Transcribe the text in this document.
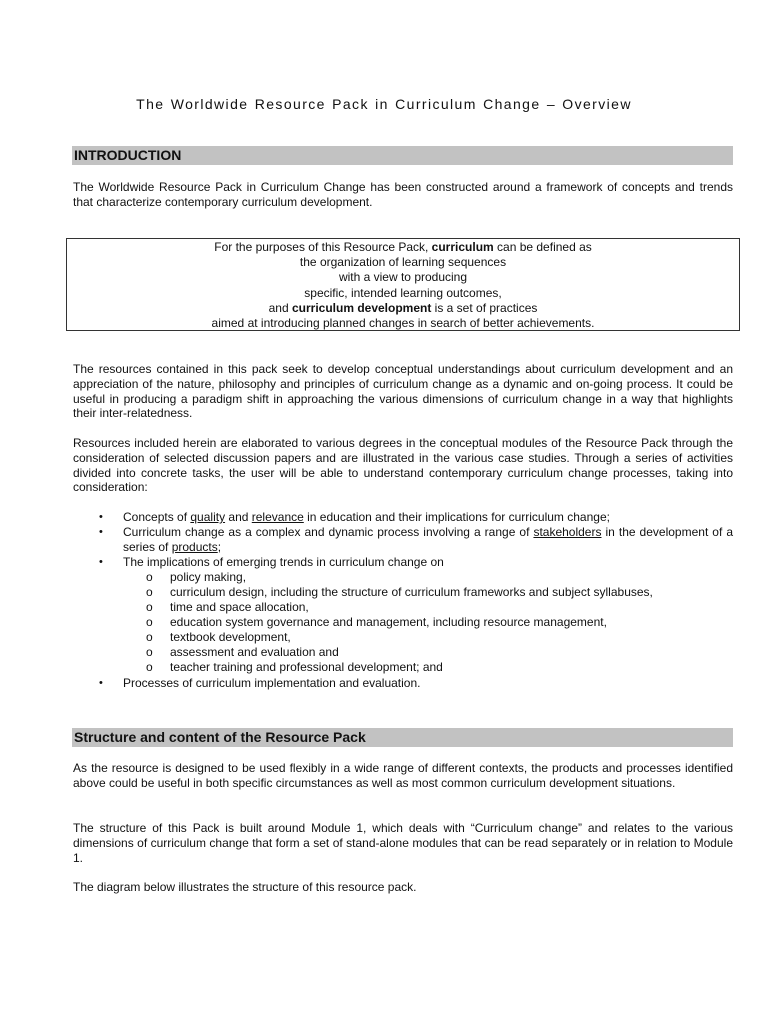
The Worldwide Resource Pack in Curriculum Change – Overview
INTRODUCTION

The Worldwide Resource Pack in Curriculum Change has been constructed around a framework of concepts and trends that characterize contemporary curriculum development.

For the purposes of this Resource Pack, curriculum can be defined as
the organization of learning sequences
with a view to producing
specific, intended learning outcomes,
and curriculum development is a set of practices
aimed at introducing planned changes in search of better achievements.

The resources contained in this pack seek to develop conceptual understandings about curriculum development and an appreciation of the nature, philosophy and principles of curriculum change as a dynamic and on-going process. It could be useful in producing a paradigm shift in approaching the various dimensions of curriculum change in a way that highlights their inter-relatedness.

Resources included herein are elaborated to various degrees in the conceptual modules of the Resource Pack through the consideration of selected discussion papers and are illustrated in the various case studies. Through a series of activities divided into concrete tasks, the user will be able to understand contemporary curriculum change processes, taking into consideration:

• Concepts of quality and relevance in education and their implications for curriculum change;
• Curriculum change as a complex and dynamic process involving a range of stakeholders in the development of a series of products;
• The implications of emerging trends in curriculum change on
o policy making,
o curriculum design, including the structure of curriculum frameworks and subject syllabuses,
o time and space allocation,
o education system governance and management, including resource management,
o textbook development,
o assessment and evaluation and
o teacher training and professional development; and
• Processes of curriculum implementation and evaluation.
Structure and content of the Resource Pack

As the resource is designed to be used flexibly in a wide range of different contexts, the products and processes identified above could be useful in both specific circumstances as well as most common curriculum development situations.

The structure of this Pack is built around Module 1, which deals with “Curriculum change” and relates to the various dimensions of curriculum change that form a set of stand-alone modules that can be read separately or in relation to Module 1.

The diagram below illustrates the structure of this resource pack.
